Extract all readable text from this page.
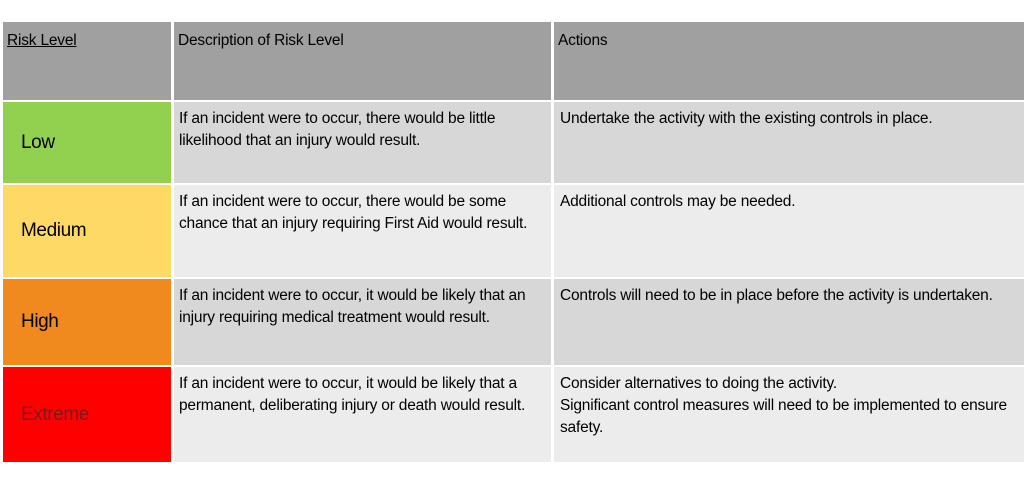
Risk Level	Description of Risk Level	Actions
Low
If an incident were to occur, there would be little likelihood that an injury would result.
Undertake the activity with the existing controls in place.
Medium
If an incident were to occur, there would be some chance that an injury requiring First Aid would result.
Additional controls may be needed.
High
If an incident were to occur, it would be likely that an injury requiring medical treatment would result.
Controls will need to be in place before the activity is undertaken.
Extreme
If an incident were to occur, it would be likely that a permanent, deliberating injury or death would result.
Consider alternatives to doing the activity.
Significant control measures will need to be implemented to ensure safety.
